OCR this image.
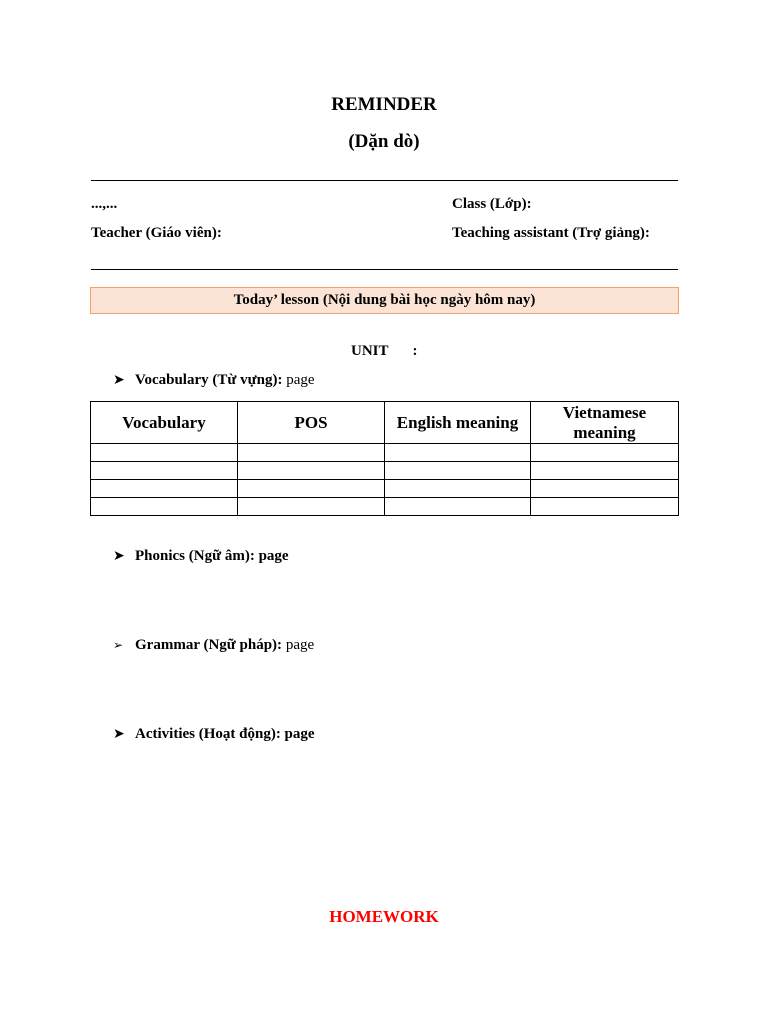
REMINDER
(Dặn dò)
...,...	Class (Lớp):
Teacher (Giáo viên):	Teaching assistant (Trợ giảng):
Today’ lesson (Nội dung bài học ngày hôm nay)
UNIT :
➤ Vocabulary (Từ vựng): page
Vocabulary	POS	English meaning	Vietnamese meaning

➤ Phonics (Ngữ âm): page
➢ Grammar (Ngữ pháp): page
➤ Activities (Hoạt động): page
HOMEWORK
